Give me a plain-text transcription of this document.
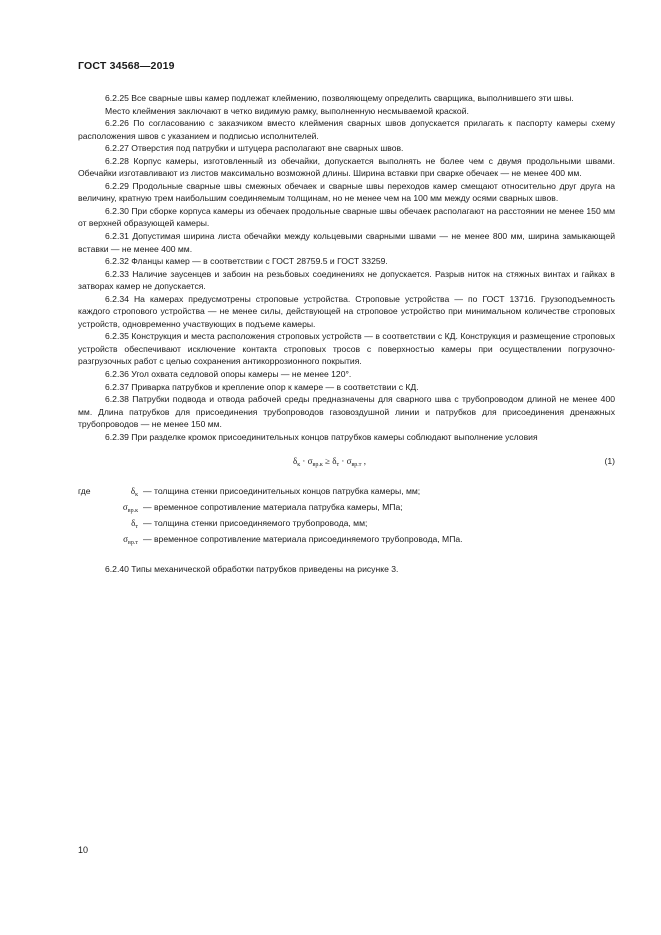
ГОСТ 34568—2019

6.2.25 Все сварные швы камер подлежат клеймению, позволяющему определить сварщика, выполнившего эти швы.

Место клеймения заключают в четко видимую рамку, выполненную несмываемой краской.

6.2.26 По согласованию с заказчиком вместо клеймения сварных швов допускается прилагать к паспорту камеры схему расположения швов с указанием и подписью исполнителей.

6.2.27 Отверстия под патрубки и штуцера располагают вне сварных швов.

6.2.28 Корпус камеры, изготовленный из обечайки, допускается выполнять не более чем с двумя продольными швами. Обечайки изготавливают из листов максимально возможной длины. Ширина вставки при сварке обечаек — не менее 400 мм.

6.2.29 Продольные сварные швы смежных обечаек и сварные швы переходов камер смещают относительно друг друга на величину, кратную трем наибольшим соединяемым толщинам, но не менее чем на 100 мм между осями сварных швов.

6.2.30 При сборке корпуса камеры из обечаек продольные сварные швы обечаек располагают на расстоянии не менее 150 мм от верхней образующей камеры.

6.2.31 Допустимая ширина листа обечайки между кольцевыми сварными швами — не менее 800 мм, ширина замыкающей вставки — не менее 400 мм.

6.2.32 Фланцы камер — в соответствии с ГОСТ 28759.5 и ГОСТ 33259.

6.2.33 Наличие заусенцев и забоин на резьбовых соединениях не допускается. Разрыв ниток на стяжных винтах и гайках в затворах камер не допускается.

6.2.34 На камерах предусмотрены строповые устройства. Строповые устройства — по ГОСТ 13716. Грузоподъемность каждого стропового устройства — не менее силы, действующей на строповое устройство при минимальном количестве строповых устройств, одновременно участвующих в подъеме камеры.

6.2.35 Конструкция и места расположения строповых устройств — в соответствии с КД. Конструкция и размещение строповых устройств обеспечивают исключение контакта строповых тросов с поверхностью камеры при осуществлении погрузочно-разгрузочных работ с целью сохранения антикоррозионного покрытия.

6.2.36 Угол охвата седловой опоры камеры — не менее 120°.

6.2.37 Приварка патрубков и крепление опор к камере — в соответствии с КД.

6.2.38 Патрубки подвода и отвода рабочей среды предназначены для сварного шва с трубопроводом длиной не менее 400 мм. Длина патрубков для присоединения трубопроводов газовоздушной линии и патрубков для присоединения дренажных трубопроводов — не менее 150 мм.

6.2.39 При разделке кромок присоединительных концов патрубков камеры соблюдают выполнение условия

$\delta_к \cdot \sigma_{вр.к} \ge \delta_т \cdot \sigma_{вр.т}$ ,	(1)
где	$\delta_к$ — толщина стенки присоединительных концов патрубка камеры, мм;
$\sigma_{вр.к}$ — временное сопротивление материала патрубка камеры, МПа;
$\delta_т$ — толщина стенки присоединяемого трубопровода, мм;
$\sigma_{вр.т}$ — временное сопротивление материала присоединяемого трубопровода, МПа.

6.2.40 Типы механической обработки патрубков приведены на рисунке 3.

10
